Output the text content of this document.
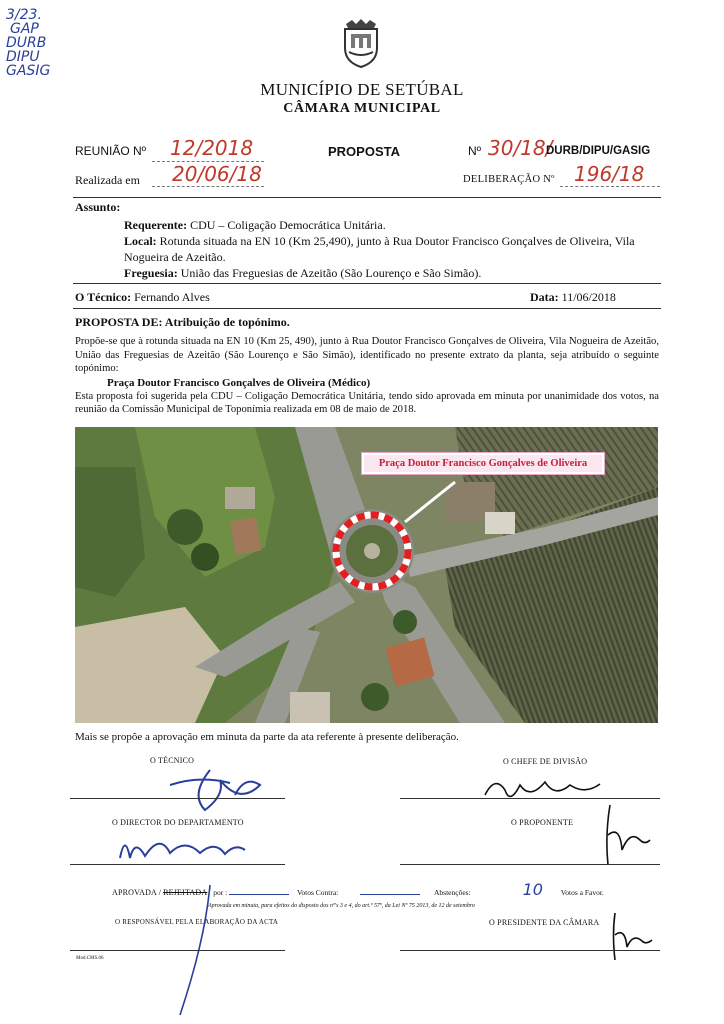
3/23.
GAP
DURB
DIPU
GASIG
MUNICÍPIO DE SETÚBAL
CÂMARA MUNICIPAL
REUNIÃO Nº 12/2018	PROPOSTA	Nº 30/18/
DURB/DIPU/GASIG
Realizada em 20/06/18	DELIBERAÇÃO Nº 196/18
Assunto:
Requerente: CDU – Coligação Democrática Unitária.
Local: Rotunda situada na EN 10 (Km 25,490), junto à Rua Doutor Francisco Gonçalves de Oliveira, Vila Nogueira de Azeitão.
Freguesia: União das Freguesias de Azeitão (São Lourenço e São Simão).
O Técnico: Fernando Alves	Data: 11/06/2018
PROPOSTA DE: Atribuição de topónimo.

Propõe-se que à rotunda situada na EN 10 (Km 25, 490), junto à Rua Doutor Francisco Gonçalves de Oliveira, Vila Nogueira de Azeitão, União das Freguesias de Azeitão (São Lourenço e São Simão), identificado no presente extrato da planta, seja atribuído o seguinte topónimo:

Praça Doutor Francisco Gonçalves de Oliveira (Médico)

Esta proposta foi sugerida pela CDU – Coligação Democrática Unitária, tendo sido aprovada em minuta por unanimidade dos votos, na reunião da Comissão Municipal de Toponímia realizada em 08 de maio de 2018.

Praça Doutor Francisco Gonçalves de Oliveira
Mais se propõe a aprovação em minuta da parte da ata referente à presente deliberação.
O TÉCNICO	O CHEFE DE DIVISÃO
O DIRECTOR DO DEPARTAMENTO	O PROPONENTE
APROVADA / REJEITADA por :	Votos Contra:	Abstenções:	10 Votos a Favor.
Aprovada em minuta, para efeitos do disposto dos nº's 3 e 4, do art.º 57º, da Lei Nº 75 2013, de 12 de setembro
O RESPONSÁVEL PELA ELABORAÇÃO DA ACTA	O PRESIDENTE DA CÂMARA
Mod.CMS.06
